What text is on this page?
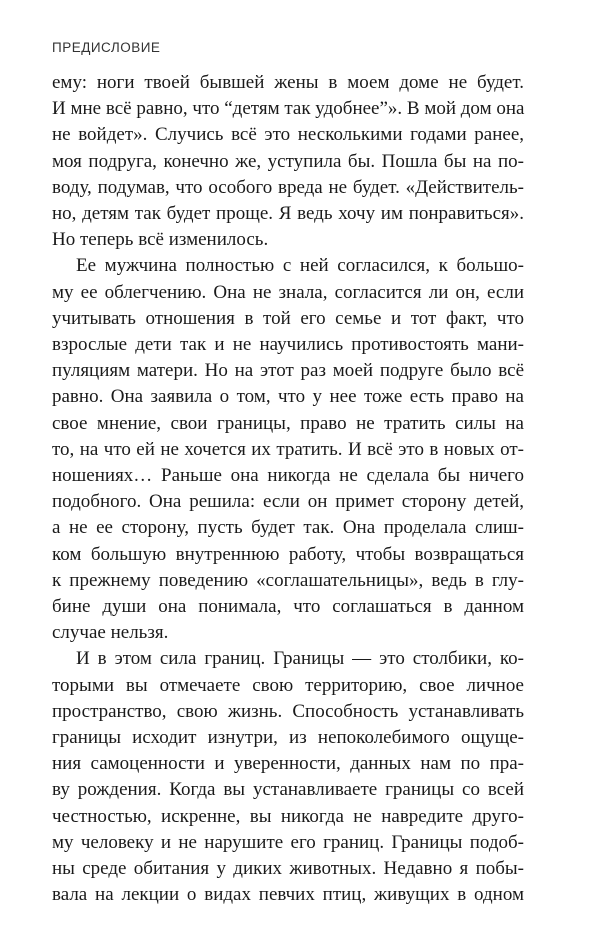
ПРЕДИСЛОВИЕ
ему: ноги твоей бывшей жены в моем доме не будет.
И мне всё равно, что “детям так удобнее”». В мой дом она
не войдет». Случись всё это несколькими годами ранее,
моя подруга, конечно же, уступила бы. Пошла бы на по-
воду, подумав, что особого вреда не будет. «Действитель-
но, детям так будет проще. Я ведь хочу им понравиться».
Но теперь всё изменилось.
Ее мужчина полностью с ней согласился, к большо-
му ее облегчению. Она не знала, согласится ли он, если
учитывать отношения в той его семье и тот факт, что
взрослые дети так и не научились противостоять мани-
пуляциям матери. Но на этот раз моей подруге было всё
равно. Она заявила о том, что у нее тоже есть право на
свое мнение, свои границы, право не тратить силы на
то, на что ей не хочется их тратить. И всё это в новых от-
ношениях… Раньше она никогда не сделала бы ничего
подобного. Она решила: если он примет сторону детей,
а не ее сторону, пусть будет так. Она проделала слиш-
ком большую внутреннюю работу, чтобы возвращаться
к прежнему поведению «соглашательницы», ведь в глу-
бине души она понимала, что соглашаться в данном
случае нельзя.
И в этом сила границ. Границы — это столбики, ко-
торыми вы отмечаете свою территорию, свое личное
пространство, свою жизнь. Способность устанавливать
границы исходит изнутри, из непоколебимого ощуще-
ния самоценности и уверенности, данных нам по пра-
ву рождения. Когда вы устанавливаете границы со всей
честностью, искренне, вы никогда не навредите друго-
му человеку и не нарушите его границ. Границы подоб-
ны среде обитания у диких животных. Недавно я побы-
вала на лекции о видах певчих птиц, живущих в одном
